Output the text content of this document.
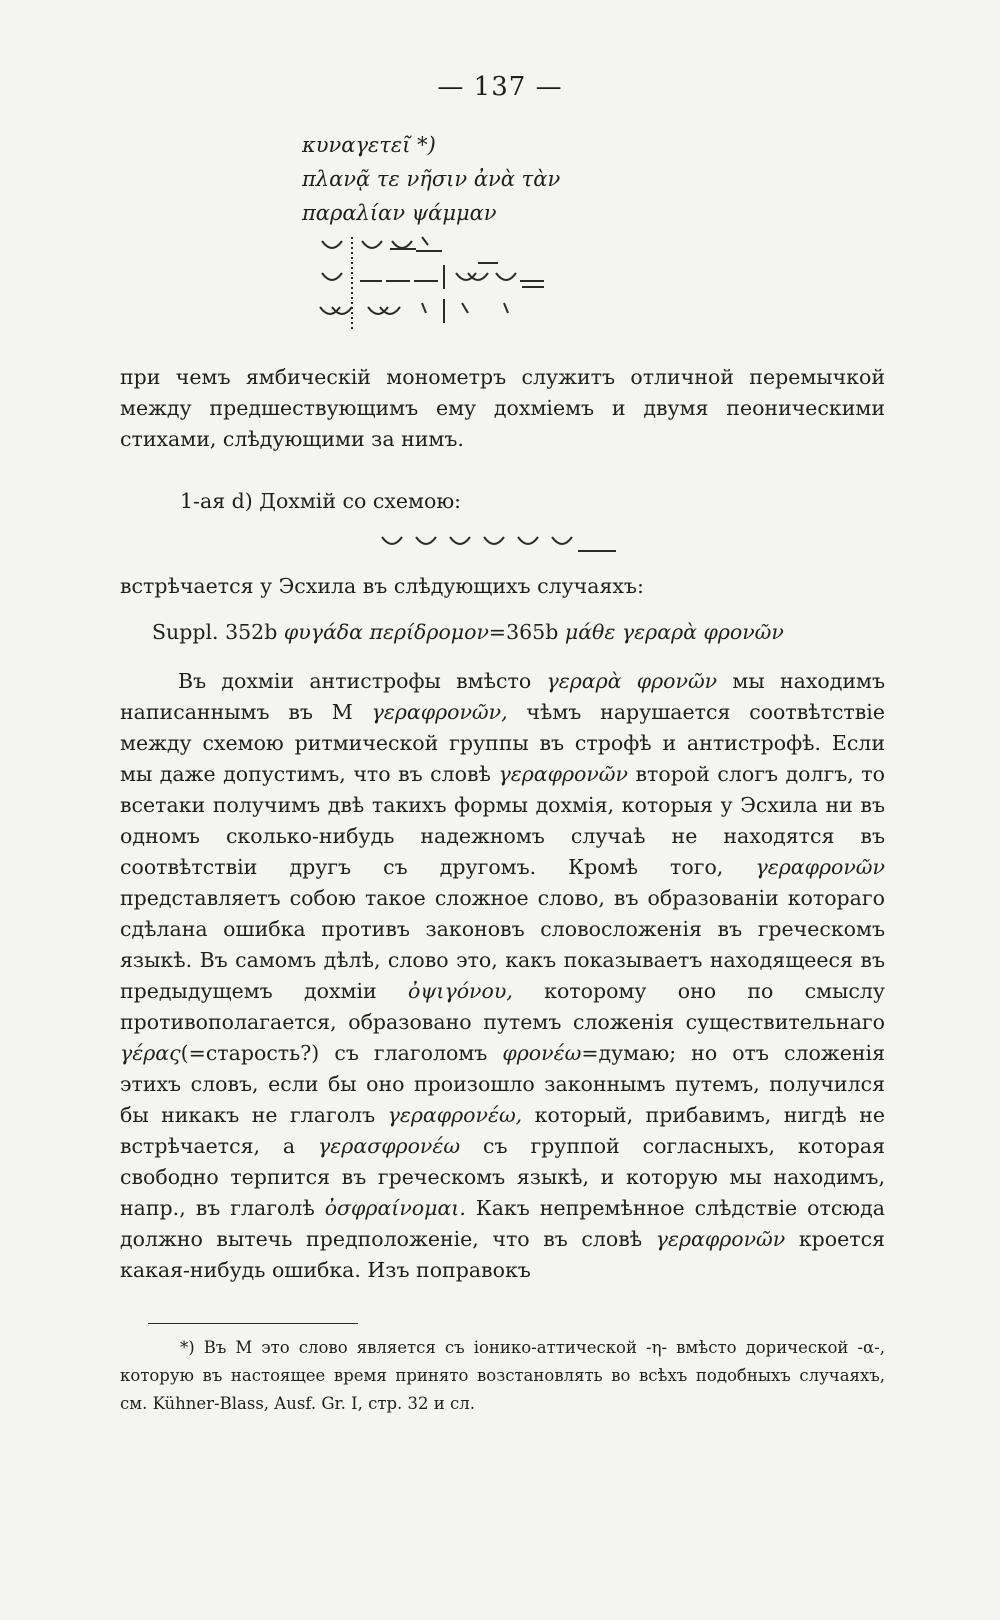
— 137 —
κυναγετεῖ *)
πλανᾷ τε νῆσιν ἀνὰ τὰν
παραλίαν ψάμμαν

при чемъ ямбическій монометръ служитъ отличной перемычкой между предшествующимъ ему дохміемъ и двумя пеоническими стихами, слѣдующими за нимъ.

1-ая d) Дохмій со схемою:
встрѣчается у Эсхила въ слѣдующихъ случаяхъ:
Suppl. 352b φυγάδα περίδρομον=365b μάθε γεραρὰ φρονῶν

Въ дохміи антистрофы вмѣсто γεραρὰ φρονῶν мы находимъ написаннымъ въ М γεραφρονῶν, чѣмъ нарушается соотвѣтствіе между схемою ритмической группы въ строфѣ и антистрофѣ. Если мы даже допустимъ, что въ словѣ γεραφρονῶν второй слогъ долгъ, то всетаки получимъ двѣ такихъ формы дохмія, которыя у Эсхила ни въ одномъ сколько-нибудь надежномъ случаѣ не находятся въ соотвѣтствіи другъ съ другомъ. Кромѣ того, γεραφρονῶν представляетъ собою такое сложное слово, въ образованіи котораго сдѣлана ошибка противъ законовъ словосложенія въ греческомъ языкѣ. Въ самомъ дѣлѣ, слово это, какъ показываетъ находящееся въ предыдущемъ дохміи ὀψιγόνου, которому оно по смыслу противополагается, образовано путемъ сложенія существительнаго γέρας(=старость?) съ глаголомъ φρονέω=думаю; но отъ сложенія этихъ словъ, если бы оно произошло законнымъ путемъ, получился бы никакъ не глаголъ γεραφρονέω, который, прибавимъ, нигдѣ не встрѣчается, а γερασφρονέω съ группой согласныхъ, которая свободно терпится въ греческомъ языкѣ, и которую мы находимъ, напр., въ глаголѣ ὀσφραίνομαι. Какъ непремѣнное слѣдствіе отсюда должно вытечь предположеніе, что въ словѣ γεραφρονῶν кроется какая-нибудь ошибка. Изъ поправокъ

*) Въ М это слово является съ іонико-аттической -η- вмѣсто дорической -α-, которую въ настоящее время принято возстановлять во всѣхъ подобныхъ случаяхъ, см. Kühner-Blass, Ausf. Gr. I, стр. 32 и сл.
